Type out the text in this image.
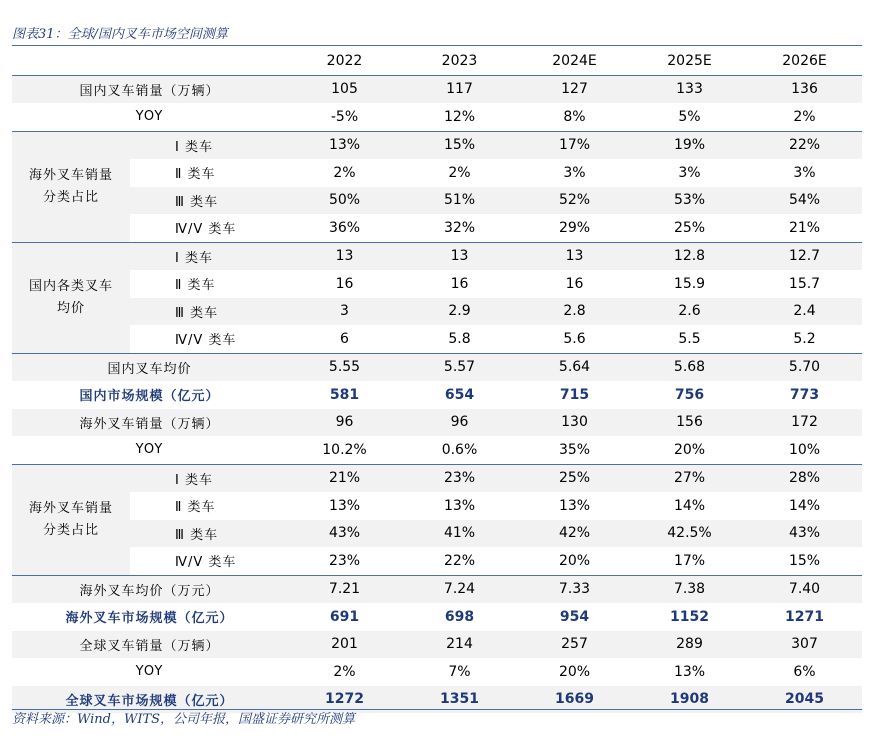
图表31：全球/国内叉车市场空间测算
		2022	2023	2024E	2025E	2026E
国内叉车销量（万辆）		105	117	127	133	136
YOY		-5%	12%	8%	5%	2%
海外叉车销量
分类占比	Ⅰ 类车	13%	15%	17%	19%	22%
	Ⅱ 类车	2%	2%	3%	3%	3%
	Ⅲ 类车	50%	51%	52%	53%	54%
	Ⅳ/Ⅴ 类车	36%	32%	29%	25%	21%
国内各类叉车
均价	Ⅰ 类车	13	13	13	12.8	12.7
	Ⅱ 类车	16	16	16	15.9	15.7
	Ⅲ 类车	3	2.9	2.8	2.6	2.4
	Ⅳ/Ⅴ 类车	6	5.8	5.6	5.5	5.2
国内叉车均价		5.55	5.57	5.64	5.68	5.70
国内市场规模（亿元）		581	654	715	756	773
海外叉车销量（万辆）		96	96	130	156	172
YOY		10.2%	0.6%	35%	20%	10%
海外叉车销量
分类占比	Ⅰ 类车	21%	23%	25%	27%	28%
	Ⅱ 类车	13%	13%	13%	14%	14%
	Ⅲ 类车	43%	41%	42%	42.5%	43%
	Ⅳ/Ⅴ 类车	23%	22%	20%	17%	15%
海外叉车均价（万元）		7.21	7.24	7.33	7.38	7.40
海外叉车市场规模（亿元）		691	698	954	1152	1271
全球叉车销量（万辆）		201	214	257	289	307
YOY		2%	7%	20%	13%	6%
全球叉车市场规模（亿元）		1272	1351	1669	1908	2045
资料来源：Wind，WITS，公司年报，国盛证券研究所测算
